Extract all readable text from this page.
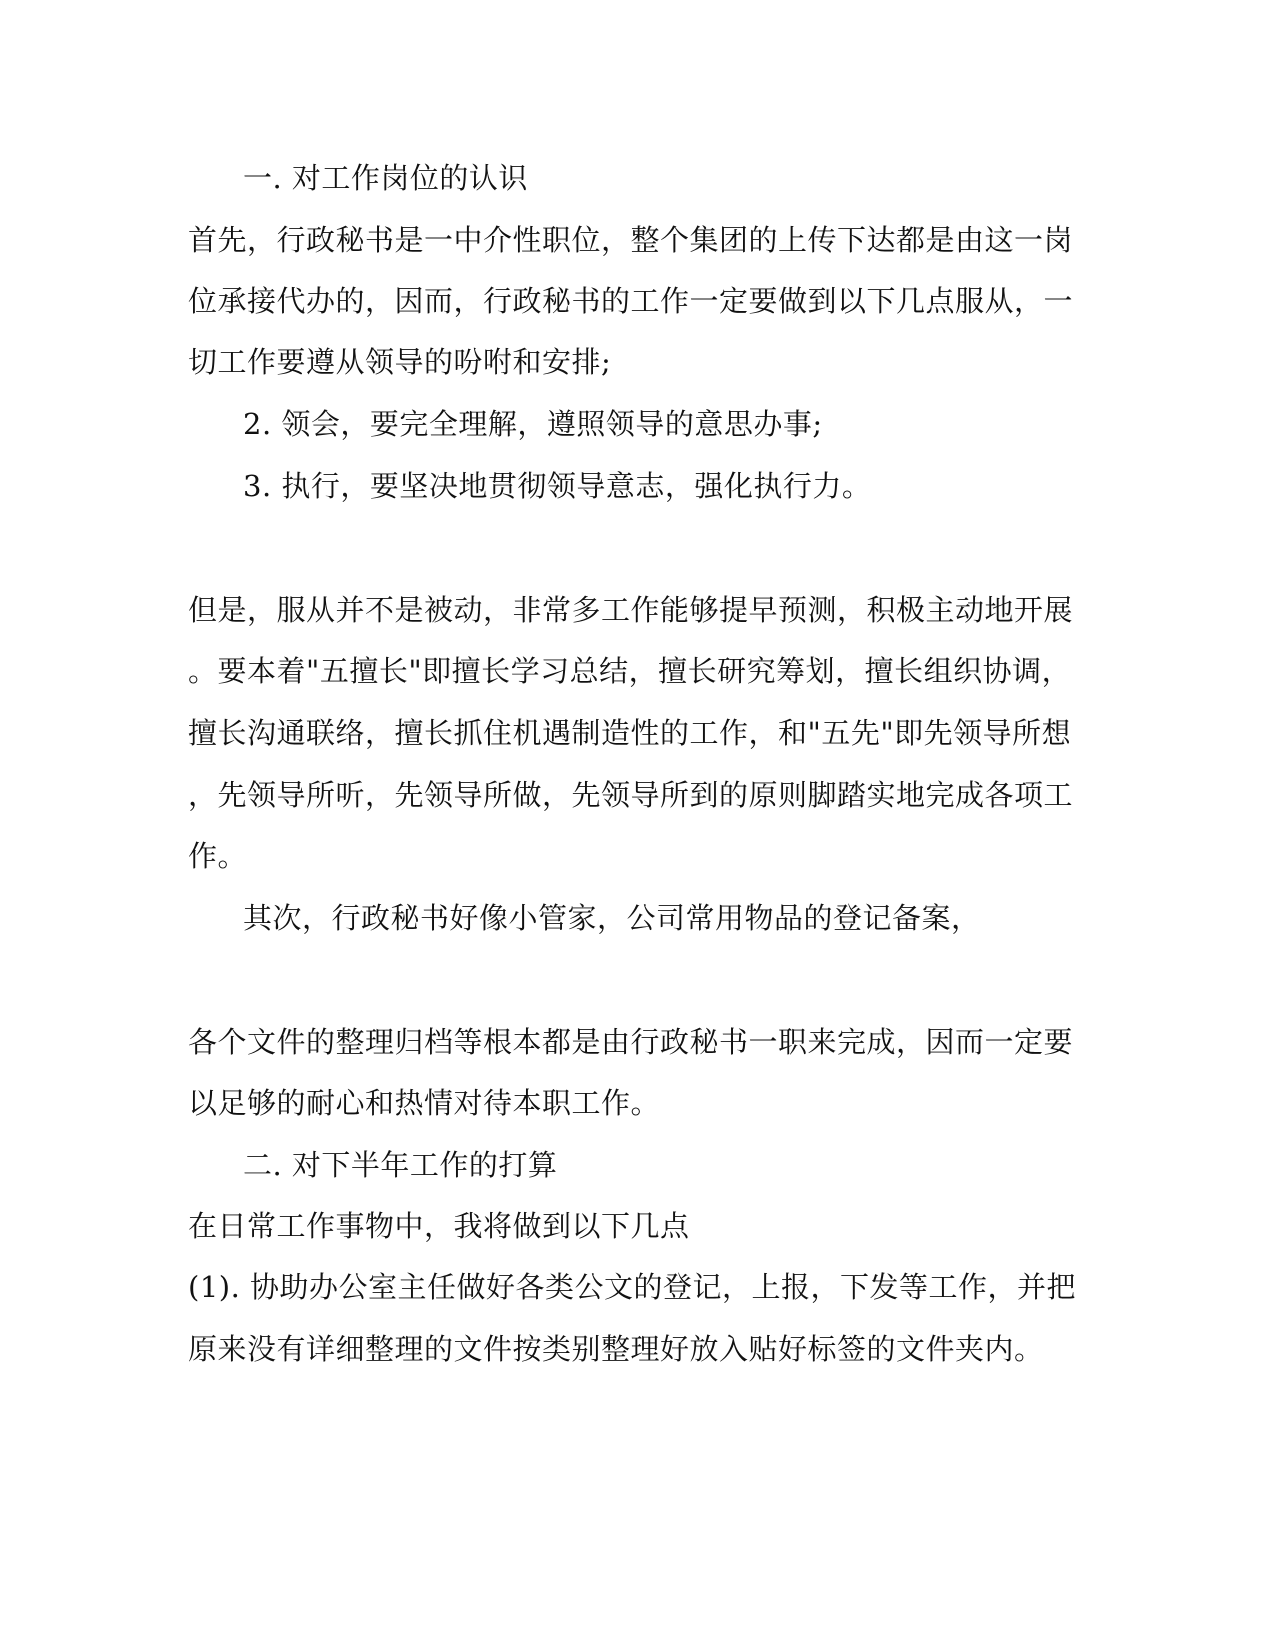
一. 对工作岗位的认识

首先，行政秘书是一中介性职位，整个集团的上传下达都是由这一岗

位承接代办的，因而，行政秘书的工作一定要做到以下几点服从，一

切工作要遵从领导的吩咐和安排;

2. 领会，要完全理解，遵照领导的意思办事;

3. 执行，要坚决地贯彻领导意志，强化执行力。

但是，服从并不是被动，非常多工作能够提早预测，积极主动地开展

。要本着"五擅长"即擅长学习总结，擅长研究筹划，擅长组织协调，

擅长沟通联络，擅长抓住机遇制造性的工作，和"五先"即先领导所想

，先领导所听，先领导所做，先领导所到的原则脚踏实地完成各项工

作。

其次，行政秘书好像小管家，公司常用物品的登记备案，

各个文件的整理归档等根本都是由行政秘书一职来完成，因而一定要

以足够的耐心和热情对待本职工作。

二. 对下半年工作的打算

在日常工作事物中，我将做到以下几点

(1). 协助办公室主任做好各类公文的登记，上报，下发等工作，并把

原来没有详细整理的文件按类别整理好放入贴好标签的文件夹内。
